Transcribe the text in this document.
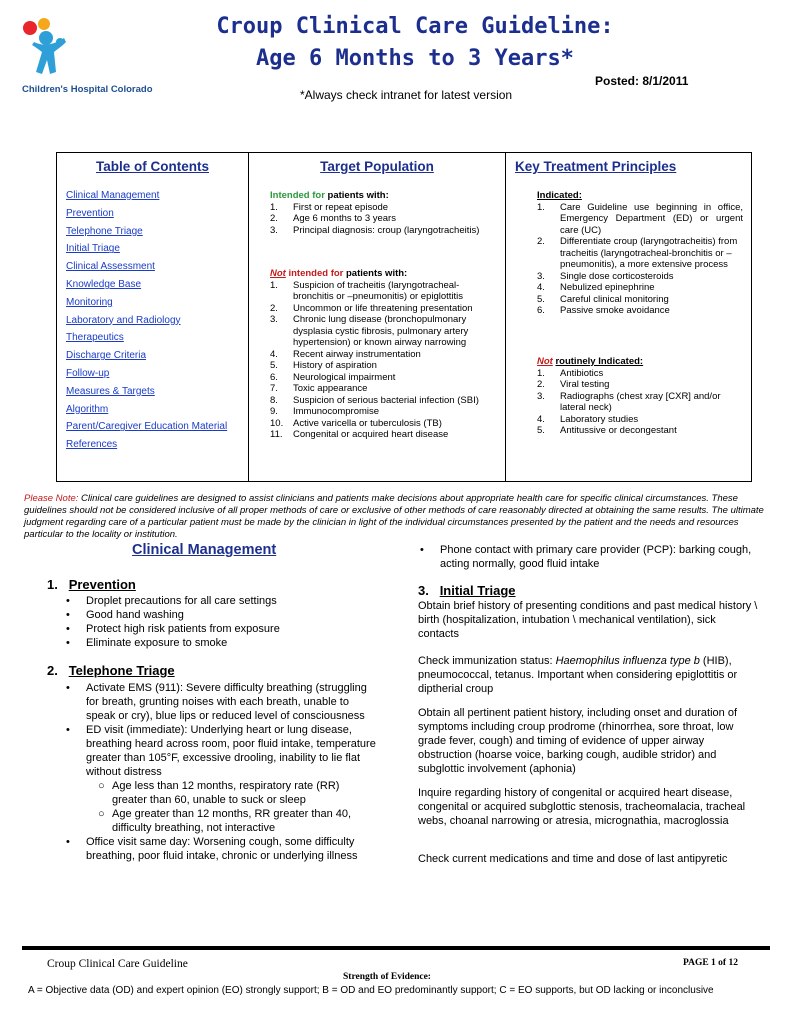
Children's Hospital Colorado
Croup Clinical Care Guideline:
Age 6 Months to 3 Years*
Posted: 8/1/2011
*Always check intranet for latest version
Table of Contents
Clinical Management
Prevention
Telephone Triage
Initial Triage
Clinical Assessment
Knowledge Base
Monitoring
Laboratory and Radiology
Therapeutics
Discharge Criteria
Follow-up
Measures & Targets
Algorithm
Parent/Caregiver Education Material
References
Target Population
Intended for patients with:
1. First or repeat episode
2. Age 6 months to 3 years
3. Principal diagnosis: croup (laryngotracheitis)
Not intended for patients with:
1. Suspicion of tracheitis (laryngotracheal-bronchitis or –pneumonitis) or epiglottitis
2. Uncommon or life threatening presentation
3. Chronic lung disease (bronchopulmonary dysplasia cystic fibrosis, pulmonary artery hypertension) or known airway narrowing
4. Recent airway instrumentation
5. History of aspiration
6. Neurological impairment
7. Toxic appearance
8. Suspicion of serious bacterial infection (SBI)
9. Immunocompromise
10. Active varicella or tuberculosis (TB)
11. Congenital or acquired heart disease
Key Treatment Principles
Indicated:
1. Care Guideline use beginning in office, Emergency Department (ED) or urgent care (UC)
2. Differentiate croup (laryngotracheitis) from tracheitis (laryngotracheal-bronchitis or –pneumonitis), a more extensive process
3. Single dose corticosteroids
4. Nebulized epinephrine
5. Careful clinical monitoring
6. Passive smoke avoidance
Not routinely Indicated:
1. Antibiotics
2. Viral testing
3. Radiographs (chest xray [CXR] and/or lateral neck)
4. Laboratory studies
5. Antitussive or decongestant
Please Note: Clinical care guidelines are designed to assist clinicians and patients make decisions about appropriate health care for specific clinical circumstances. These guidelines should not be considered inclusive of all proper methods of care or exclusive of other methods of care reasonably directed at obtaining the same results. The ultimate judgment regarding care of a particular patient must be made by the clinician in light of the individual circumstances presented by the patient and the needs and resources particular to the locality or institution.
Clinical Management
1. Prevention
• Droplet precautions for all care settings
• Good hand washing
• Protect high risk patients from exposure
• Eliminate exposure to smoke
2. Telephone Triage
• Activate EMS (911): Severe difficulty breathing (struggling for breath, grunting noises with each breath, unable to speak or cry), blue lips or reduced level of consciousness
• ED visit (immediate): Underlying heart or lung disease, breathing heard across room, poor fluid intake, temperature greater than 105°F, excessive drooling, inability to lie flat without distress
○ Age less than 12 months, respiratory rate (RR) greater than 60, unable to suck or sleep
○ Age greater than 12 months, RR greater than 40, difficulty breathing, not interactive
• Office visit same day: Worsening cough, some difficulty breathing, poor fluid intake, chronic or underlying illness
• Phone contact with primary care provider (PCP): barking cough, acting normally, good fluid intake
3. Initial Triage
Obtain brief history of presenting conditions and past medical history \ birth (hospitalization, intubation \ mechanical ventilation), sick contacts
Check immunization status: Haemophilus influenza type b (HIB), pneumococcal, tetanus. Important when considering epiglottitis or diptherial croup
Obtain all pertinent patient history, including onset and duration of symptoms including croup prodrome (rhinorrhea, sore throat, low grade fever, cough) and timing of evidence of upper airway obstruction (hoarse voice, barking cough, audible stridor) and subglottic involvement (aphonia)
Inquire regarding history of congenital or acquired heart disease, congenital or acquired subglottic stenosis, tracheomalacia, tracheal webs, choanal narrowing or atresia, micrognathia, macroglossia
Check current medications and time and dose of last antipyretic
Croup Clinical Care Guideline	PAGE 1 of 12
Strength of Evidence:
A = Objective data (OD) and expert opinion (EO) strongly support; B = OD and EO predominantly support; C = EO supports, but OD lacking or inconclusive
